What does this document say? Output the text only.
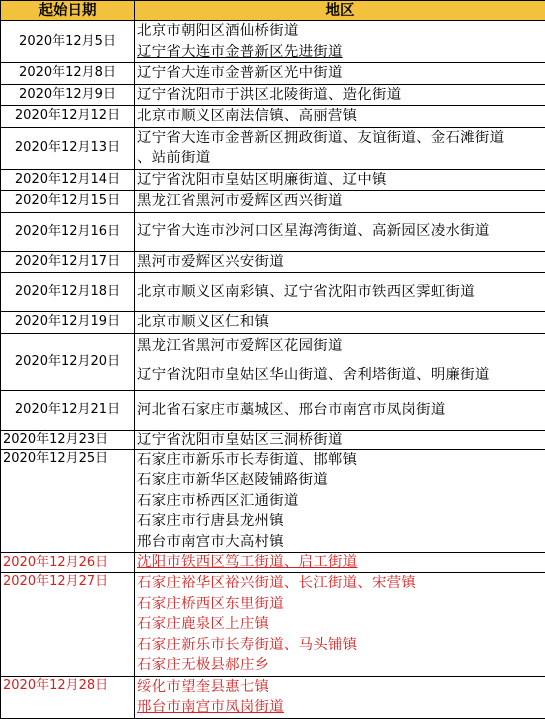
起始日期	地区
2020年12月5日	北京市朝阳区酒仙桥街道
辽宁省大连市金普新区先进街道

2020年12月8日	辽宁省大连市金普新区光中街道

2020年12月9日	辽宁省沈阳市于洪区北陵街道、造化街道

2020年12月12日	北京市顺义区南法信镇、高丽营镇

2020年12月13日	辽宁省大连市金普新区拥政街道、友谊街道、金石滩街道
、站前街道

2020年12月14日	辽宁省沈阳市皇姑区明廉街道、辽中镇

2020年12月15日	黑龙江省黑河市爱辉区西兴街道

2020年12月16日	辽宁省大连市沙河口区星海湾街道、高新园区凌水街道

2020年12月17日	黑河市爱辉区兴安街道

2020年12月18日	北京市顺义区南彩镇、辽宁省沈阳市铁西区霁虹街道

2020年12月19日	北京市顺义区仁和镇

2020年12月20日	黑龙江省黑河市爱辉区花园街道
辽宁省沈阳市皇姑区华山街道、舍利塔街道、明廉街道

2020年12月21日	河北省石家庄市藁城区、邢台市南宫市凤岗街道

2020年12月23日	辽宁省沈阳市皇姑区三洞桥街道

2020年12月25日	石家庄市新乐市长寿街道、邯郸镇
石家庄市新华区赵陵铺路街道
石家庄市桥西区汇通街道
石家庄市行唐县龙州镇
邢台市南宫市大高村镇

2020年12月26日	沈阳市铁西区笃工街道、启工街道

2020年12月27日	石家庄裕华区裕兴街道、长江街道、宋营镇
石家庄桥西区东里街道
石家庄鹿泉区上庄镇
石家庄新乐市长寿街道、马头铺镇
石家庄无极县郝庄乡

2020年12月28日	绥化市望奎县惠七镇
邢台市南宫市凤岗街道
